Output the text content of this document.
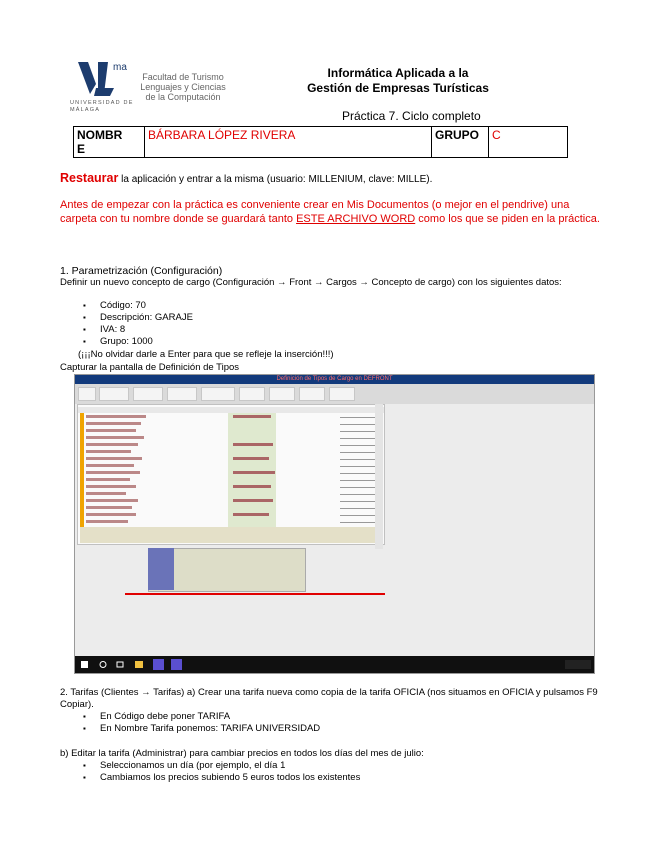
ma
UNIVERSIDAD DE MÁLAGA
Facultad de Turismo
Lenguajes y Ciencias
de la Computación
Informática Aplicada a la
Gestión de Empresas Turísticas
Práctica 7. Ciclo completo
NOMBR
E
	BÁRBARA LÓPEZ RIVERA	GRUPO	C
Restaurar la aplicación y entrar a la misma (usuario: MILLENIUM, clave: MILLE).
Antes de empezar con la práctica es conveniente crear en Mis Documentos (o mejor en el pendrive) una carpeta con tu nombre donde se guardará tanto ESTE ARCHIVO WORD como los que se piden en la práctica.
1. Parametrización (Configuración)
Definir un nuevo concepto de cargo (Configuración → Front → Cargos → Concepto de cargo) con los siguientes datos:
▪ Código: 70
▪ Descripción: GARAJE
▪ IVA: 8
▪ Grupo: 1000
(¡¡¡No olvidar darle a Enter para que se refleje la inserción!!!)
Capturar la pantalla de Definición de Tipos
Definición de Tipos de Cargo en DEFRONT
2. Tarifas (Clientes → Tarifas) a) Crear una tarifa nueva como copia de la tarifa OFICIA (nos situamos en OFICIA y pulsamos F9 Copiar).
▪ En Código debe poner TARIFA
▪ En Nombre Tarifa ponemos: TARIFA UNIVERSIDAD
b) Editar la tarifa (Administrar) para cambiar precios en todos los días del mes de julio:
▪ Seleccionamos un día (por ejemplo, el día 1
▪ Cambiamos los precios subiendo 5 euros todos los existentes
